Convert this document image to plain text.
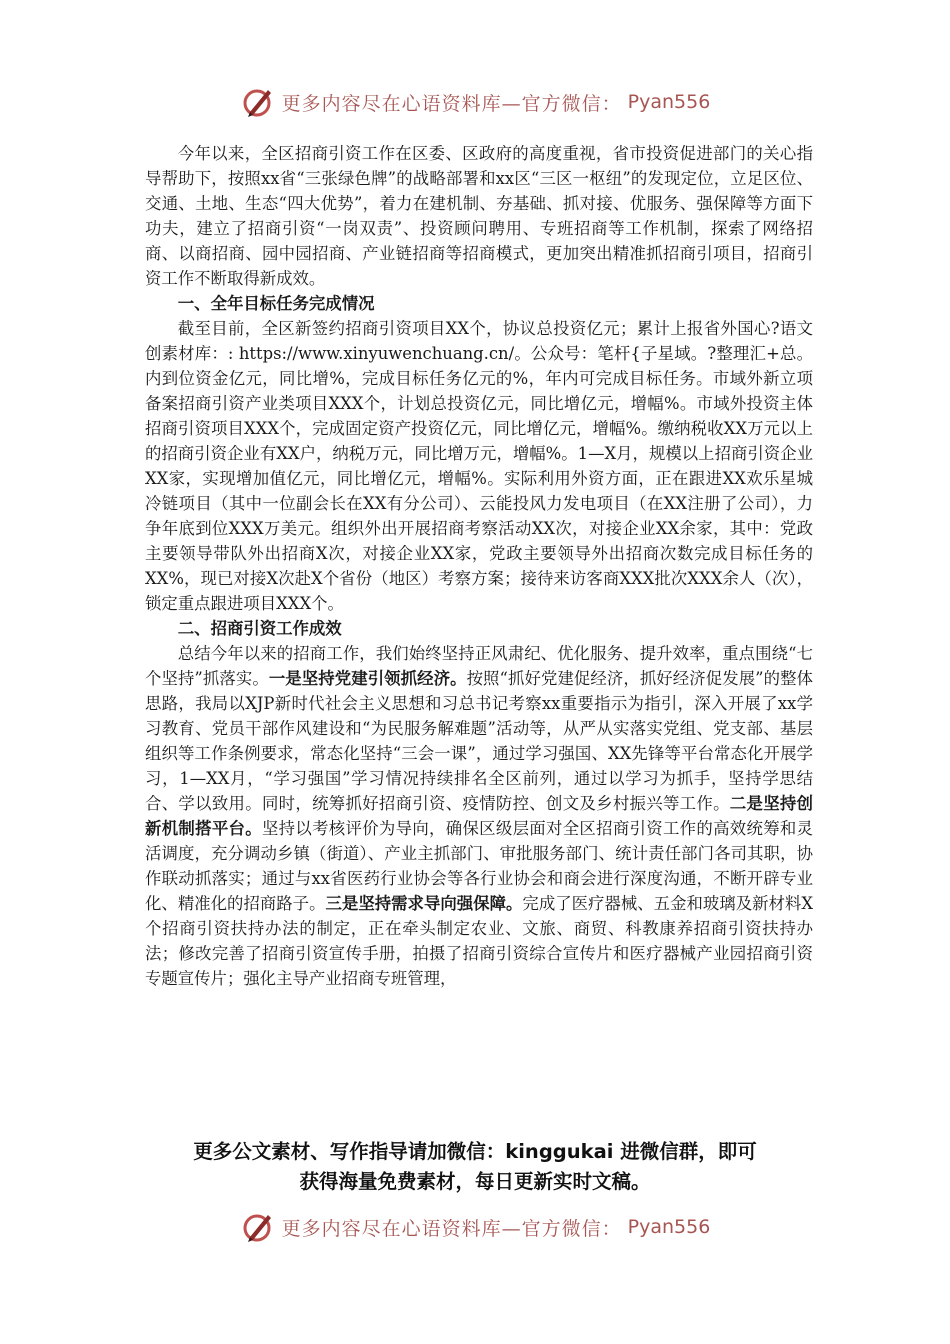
更多内容尽在心语资料库—官方微信： Pyan556

今年以来，全区招商引资工作在区委、区政府的高度重视，省市投资促进部门的关心指导帮助下，按照xx省“三张绿色牌”的战略部署和xx区“三区一枢纽”的发现定位，立足区位、交通、土地、生态“四大优势”，着力在建机制、夯基础、抓对接、优服务、强保障等方面下功夫，建立了招商引资“一岗双责”、投资顾问聘用、专班招商等工作机制，探索了网络招商、以商招商、园中园招商、产业链招商等招商模式，更加突出精准抓招商引项目，招商引资工作不断取得新成效。

一、全年目标任务完成情况

截至目前，全区新签约招商引资项目XX个，协议总投资亿元；累计上报省外国心?语文创素材库：: https://www.xinyuwenchuang.cn/。公众号：笔杆{子星域。?整理汇+总。内到位资金亿元，同比增%，完成目标任务亿元的%，年内可完成目标任务。市域外新立项备案招商引资产业类项目XXX个，计划总投资亿元，同比增亿元，增幅%。市域外投资主体招商引资项目XXX个，完成固定资产投资亿元，同比增亿元，增幅%。缴纳税收XX万元以上的招商引资企业有XX户，纳税万元，同比增万元，增幅%。1—X月，规模以上招商引资企业XX家，实现增加值亿元，同比增亿元，增幅%。实际利用外资方面，正在跟进XX欢乐星城冷链项目（其中一位副会长在XX有分公司）、云能投风力发电项目（在XX注册了公司），力争年底到位XXX万美元。组织外出开展招商考察活动XX次，对接企业XX余家，其中：党政主要领导带队外出招商X次，对接企业XX家，党政主要领导外出招商次数完成目标任务的XX%，现已对接X次赴X个省份（地区）考察方案；接待来访客商XXX批次XXX余人（次），锁定重点跟进项目XXX个。

二、招商引资工作成效

总结今年以来的招商工作，我们始终坚持正风肃纪、优化服务、提升效率，重点围绕“七个坚持”抓落实。一是坚持党建引领抓经济。按照“抓好党建促经济，抓好经济促发展”的整体思路，我局以XJP新时代社会主义思想和习总书记考察xx重要指示为指引，深入开展了xx学习教育、党员干部作风建设和“为民服务解难题”活动等，从严从实落实党组、党支部、基层组织等工作条例要求，常态化坚持“三会一课”，通过学习强国、XX先锋等平台常态化开展学习，1—XX月，“学习强国”学习情况持续排名全区前列，通过以学习为抓手，坚持学思结合、学以致用。同时，统筹抓好招商引资、疫情防控、创文及乡村振兴等工作。二是坚持创新机制搭平台。坚持以考核评价为导向，确保区级层面对全区招商引资工作的高效统筹和灵活调度，充分调动乡镇（街道）、产业主抓部门、审批服务部门、统计责任部门各司其职，协作联动抓落实；通过与xx省医药行业协会等各行业协会和商会进行深度沟通，不断开辟专业化、精准化的招商路子。三是坚持需求导向强保障。完成了医疗器械、五金和玻璃及新材料X个招商引资扶持办法的制定，正在牵头制定农业、文旅、商贸、科教康养招商引资扶持办法；修改完善了招商引资宣传手册，拍摄了招商引资综合宣传片和医疗器械产业园招商引资专题宣传片；强化主导产业招商专班管理，

更多公文素材、写作指导请加微信：kinggukai 进微信群，即可
获得海量免费素材，每日更新实时文稿。
更多内容尽在心语资料库—官方微信： Pyan556
